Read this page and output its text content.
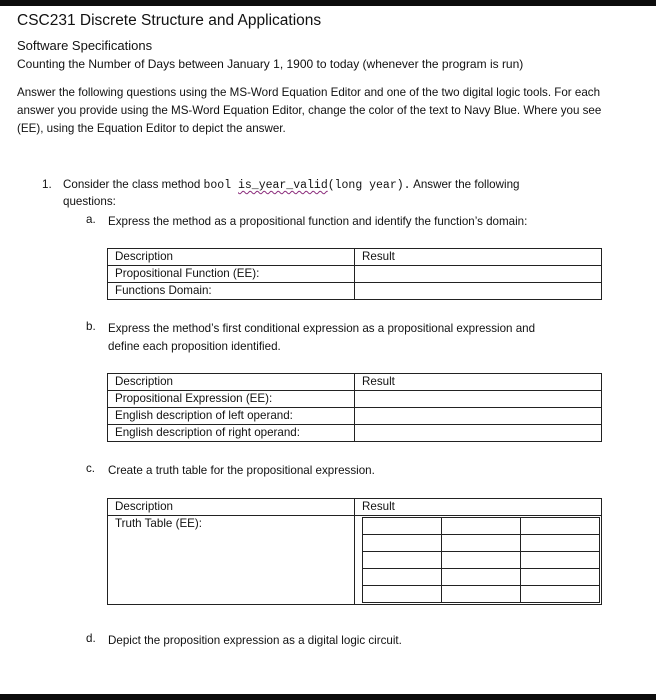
CSC231 Discrete Structure and Applications
Software Specifications
Counting the Number of Days between January 1, 1900 to today (whenever the program is run)
Answer the following questions using the MS-Word Equation Editor and one of the two digital logic tools. For each answer you provide using the MS-Word Equation Editor, change the color of the text to Navy Blue. Where you see (EE), using the Equation Editor to depict the answer.
1. Consider the class method bool is_year_valid(long year). Answer the following
questions:
a. Express the method as a propositional function and identify the function’s domain:
Description	Result
Propositional Function (EE):	
Functions Domain:	
b. Express the method’s first conditional expression as a propositional expression and
define each proposition identified.
Description	Result
Propositional Expression (EE):	
English description of left operand:	
English description of right operand:	
c. Create a truth table for the propositional expression.
Description	Result
Truth Table (EE):	

d. Depict the proposition expression as a digital logic circuit.
